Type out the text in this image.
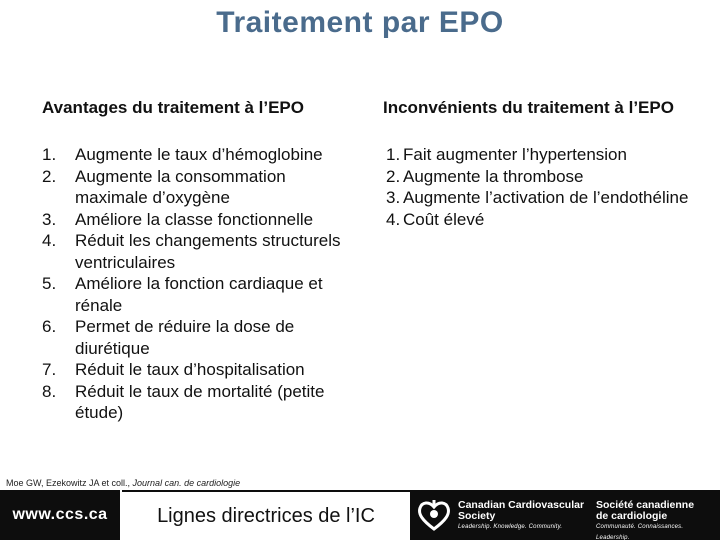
Traitement par EPO
Avantages du traitement à l’EPO	Inconvénients du traitement à l’EPO
1.	Augmente le taux d’hémoglobine
2.	Augmente la consommation maximale d’oxygène
3.	Améliore la classe fonctionnelle
4.	Réduit les changements structurels ventriculaires
5.	Améliore la fonction cardiaque et rénale
6.	Permet de réduire la dose de diurétique
7.	Réduit le taux d’hospitalisation
8.	Réduit le taux de mortalité (petite étude)
1. Fait augmenter l’hypertension
2. Augmente la thrombose
3. Augmente l’activation de l’endothéline
4. Coût élevé
Moe GW, Ezekowitz JA et coll., Journal can. de cardiologie
www.ccs.ca	Lignes directrices de l’IC	Canadian Cardiovascular
Society
Leadership. Knowledge. Community.
Société canadienne
de cardiologie
Communauté. Connaissances. Leadership.
